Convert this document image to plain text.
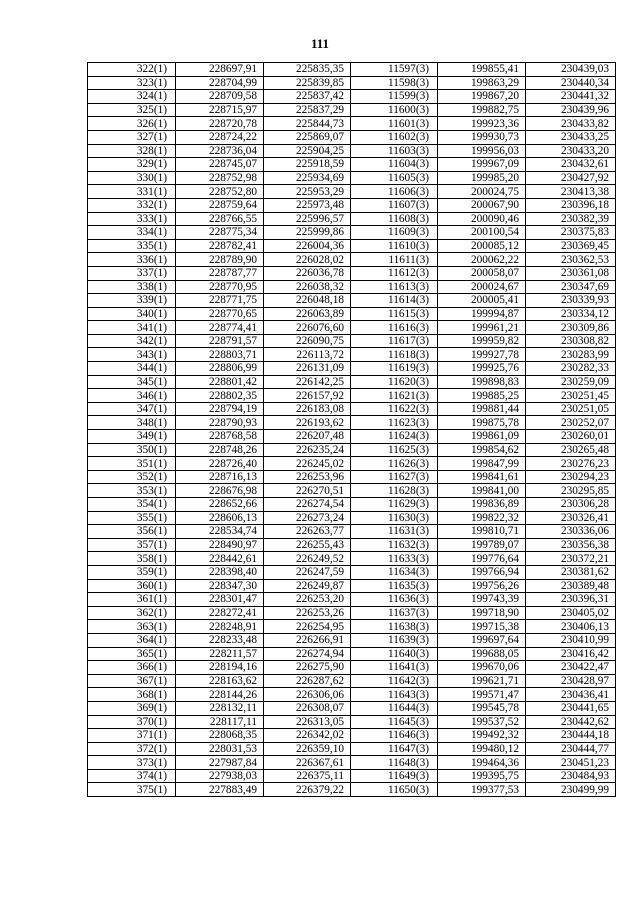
111
322(1)	228697,91	225835,35	11597(3)	199855,41	230439,03
323(1)	228704,99	225839,85	11598(3)	199863,29	230440,34
324(1)	228709,58	225837,42	11599(3)	199867,20	230441,32
325(1)	228715,97	225837,29	11600(3)	199882,75	230439,96
326(1)	228720,78	225844,73	11601(3)	199923,36	230433,82
327(1)	228724,22	225869,07	11602(3)	199930,73	230433,25
328(1)	228736,04	225904,25	11603(3)	199956,03	230433,20
329(1)	228745,07	225918,59	11604(3)	199967,09	230432,61
330(1)	228752,98	225934,69	11605(3)	199985,20	230427,92
331(1)	228752,80	225953,29	11606(3)	200024,75	230413,38
332(1)	228759,64	225973,48	11607(3)	200067,90	230396,18
333(1)	228766,55	225996,57	11608(3)	200090,46	230382,39
334(1)	228775,34	225999,86	11609(3)	200100,54	230375,83
335(1)	228782,41	226004,36	11610(3)	200085,12	230369,45
336(1)	228789,90	226028,02	11611(3)	200062,22	230362,53
337(1)	228787,77	226036,78	11612(3)	200058,07	230361,08
338(1)	228770,95	226038,32	11613(3)	200024,67	230347,69
339(1)	228771,75	226048,18	11614(3)	200005,41	230339,93
340(1)	228770,65	226063,89	11615(3)	199994,87	230334,12
341(1)	228774,41	226076,60	11616(3)	199961,21	230309,86
342(1)	228791,57	226090,75	11617(3)	199959,82	230308,82
343(1)	228803,71	226113,72	11618(3)	199927,78	230283,99
344(1)	228806,99	226131,09	11619(3)	199925,76	230282,33
345(1)	228801,42	226142,25	11620(3)	199898,83	230259,09
346(1)	228802,35	226157,92	11621(3)	199885,25	230251,45
347(1)	228794,19	226183,08	11622(3)	199881,44	230251,05
348(1)	228790,93	226193,62	11623(3)	199875,78	230252,07
349(1)	228768,58	226207,48	11624(3)	199861,09	230260,01
350(1)	228748,26	226235,24	11625(3)	199854,62	230265,48
351(1)	228726,40	226245,02	11626(3)	199847,99	230276,23
352(1)	228716,13	226253,96	11627(3)	199841,61	230294,23
353(1)	228676,98	226270,51	11628(3)	199841,00	230295,85
354(1)	228652,66	226274,54	11629(3)	199836,89	230306,28
355(1)	228606,13	226273,24	11630(3)	199822,32	230326,41
356(1)	228534,74	226263,77	11631(3)	199810,71	230336,06
357(1)	228490,97	226255,43	11632(3)	199789,07	230356,38
358(1)	228442,61	226249,52	11633(3)	199776,64	230372,21
359(1)	228398,40	226247,59	11634(3)	199766,94	230381,62
360(1)	228347,30	226249,87	11635(3)	199756,26	230389,48
361(1)	228301,47	226253,20	11636(3)	199743,39	230396,31
362(1)	228272,41	226253,26	11637(3)	199718,90	230405,02
363(1)	228248,91	226254,95	11638(3)	199715,38	230406,13
364(1)	228233,48	226266,91	11639(3)	199697,64	230410,99
365(1)	228211,57	226274,94	11640(3)	199688,05	230416,42
366(1)	228194,16	226275,90	11641(3)	199670,06	230422,47
367(1)	228163,62	226287,62	11642(3)	199621,71	230428,97
368(1)	228144,26	226306,06	11643(3)	199571,47	230436,41
369(1)	228132,11	226308,07	11644(3)	199545,78	230441,65
370(1)	228117,11	226313,05	11645(3)	199537,52	230442,62
371(1)	228068,35	226342,02	11646(3)	199492,32	230444,18
372(1)	228031,53	226359,10	11647(3)	199480,12	230444,77
373(1)	227987,84	226367,61	11648(3)	199464,36	230451,23
374(1)	227938,03	226375,11	11649(3)	199395,75	230484,93
375(1)	227883,49	226379,22	11650(3)	199377,53	230499,99
